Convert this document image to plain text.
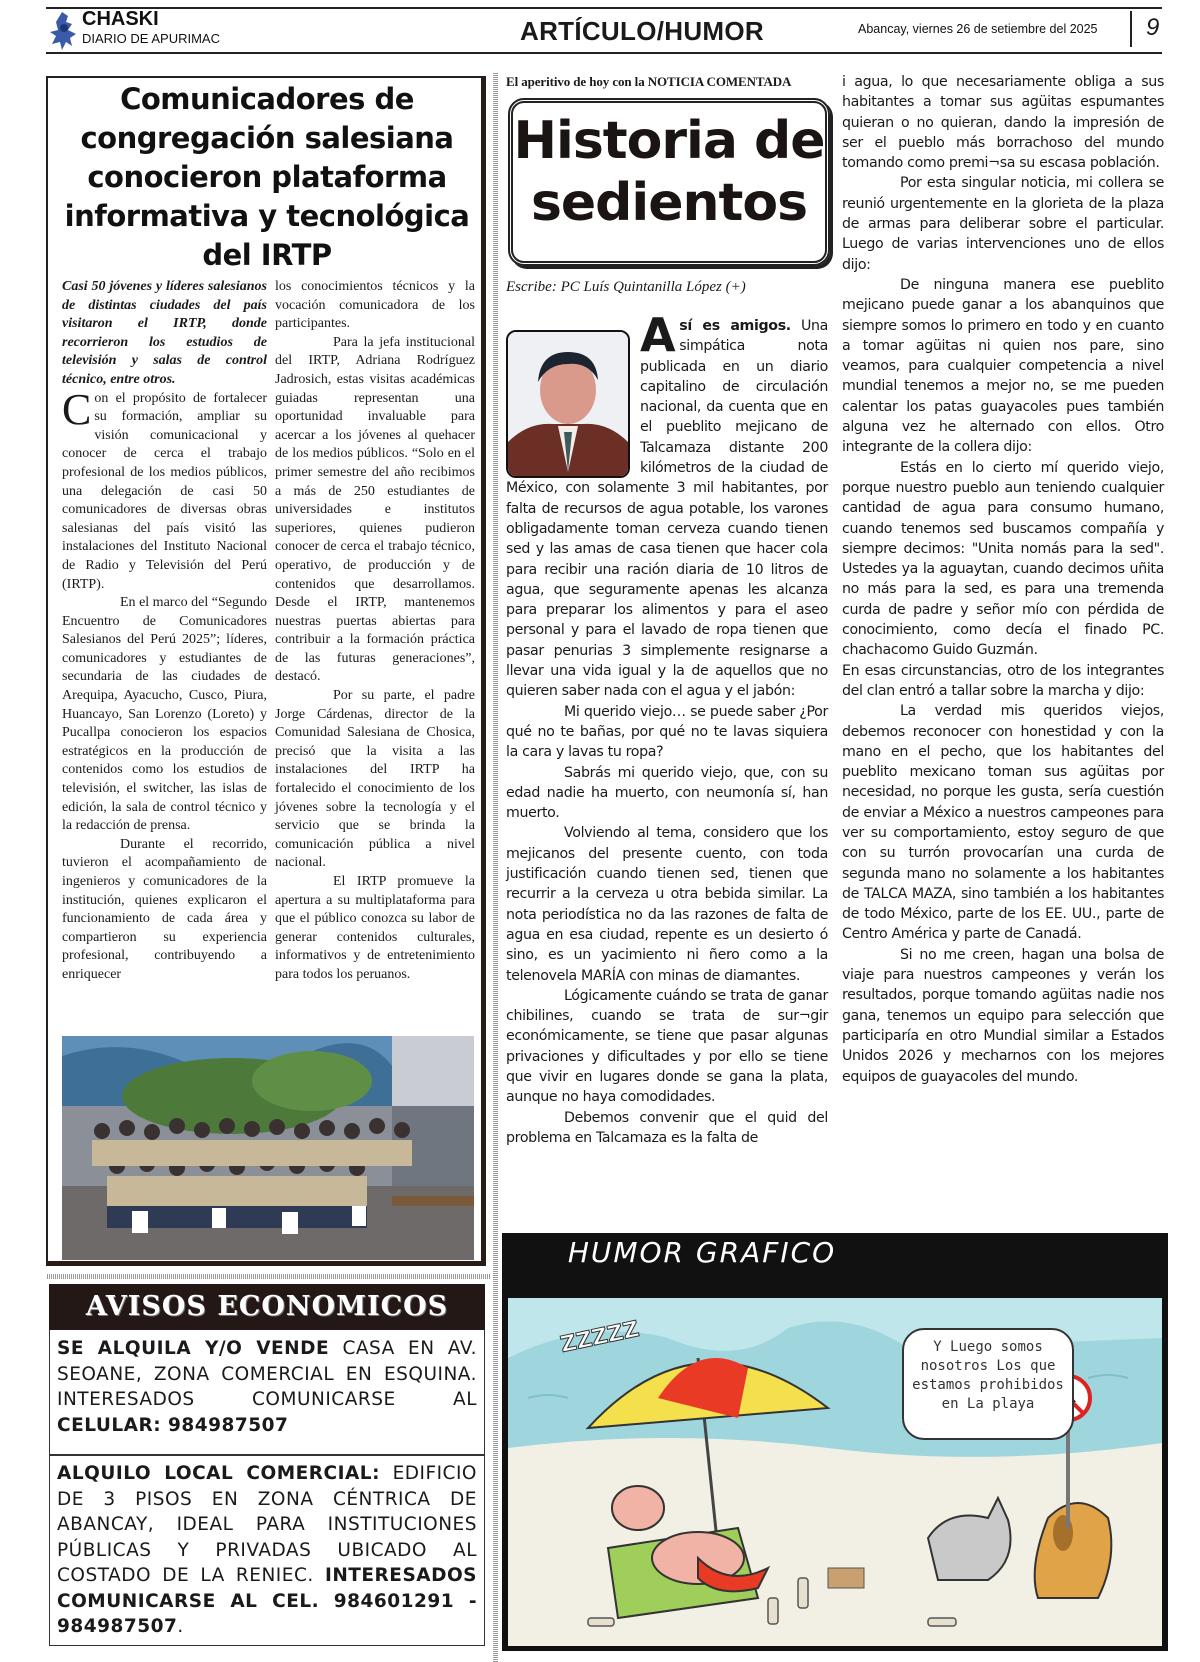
CHASKI
DIARIO DE APURIMAC	ARTÍCULO/HUMOR	Abancay, viernes 26 de setiembre del 2025 9
Comunicadores de congregación salesiana conocieron plataforma informativa y tecnológica del IRTP

Casi 50 jóvenes y líderes salesianos de distintas ciudades del país visitaron el IRTP, donde recorrieron los estudios de televisión y salas de control técnico, entre otros.

Con el propósito de fortalecer su formación, ampliar su visión comunicacional y conocer de cerca el trabajo profesional de los medios públicos, una delegación de casi 50 comunicadores de diversas obras salesianas del país visitó las instalaciones del Instituto Nacional de Radio y Televisión del Perú (IRTP).

En el marco del “Segundo Encuentro de Comunicadores Salesianos del Perú 2025”; líderes, comunicadores y estudiantes de secundaria de las ciudades de Arequipa, Ayacucho, Cusco, Piura, Huancayo, San Lorenzo (Loreto) y Pucallpa conocieron los espacios estratégicos en la producción de contenidos como los estudios de televisión, el switcher, las islas de edición, la sala de control técnico y la redacción de prensa.

Durante el recorrido, tuvieron el acompañamiento de ingenieros y comunicadores de la institución, quienes explicaron el funcionamiento de cada área y compartieron su experiencia profesional, contribuyendo a enriquecer

los conocimientos técnicos y la vocación comunicadora de los participantes.

Para la jefa institucional del IRTP, Adriana Rodríguez Jadrosich, estas visitas académicas guiadas representan una oportunidad invaluable para acercar a los jóvenes al quehacer de los medios públicos. “Solo en el primer semestre del año recibimos a más de 250 estudiantes de universidades e institutos superiores, quienes pudieron conocer de cerca el trabajo técnico, operativo, de producción y de contenidos que desarrollamos. Desde el IRTP, mantenemos nuestras puertas abiertas para contribuir a la formación práctica de las futuras generaciones”, destacó.

Por su parte, el padre Jorge Cárdenas, director de la Comunidad Salesiana de Chosica, precisó que la visita a las instalaciones del IRTP ha fortalecido el conocimiento de los jóvenes sobre la tecnología y el servicio que se brinda la comunicación pública a nivel nacional.

El IRTP promueve la apertura a su multiplataforma para que el público conozca su labor de generar contenidos culturales, informativos y de entretenimiento para todos los peruanos.

El aperitivo de hoy con la NOTICIA COMENTADA
Historia de sedientos
Escribe: PC Luís Quintanilla López (+)

Así es amigos. Una simpática nota publicada en un diario capitalino de circulación nacional, da cuenta que en el pueblito mejicano de Talcamaza distante 200 kilómetros de la ciudad de México, con solamente 3 mil habitantes, por falta de recursos de agua potable, los varones obligadamente toman cerveza cuando tienen sed y las amas de casa tienen que hacer cola para recibir una ración diaria de 10 litros de agua, que seguramente apenas les alcanza para preparar los alimentos y para el aseo personal y para el lavado de ropa tienen que pasar penurias 3 simplemente resignarse a llevar una vida igual y la de aquellos que no quieren saber nada con el agua y el jabón:

Mi querido viejo… se puede saber ¿Por qué no te bañas, por qué no te lavas siquiera la cara y lavas tu ropa?

Sabrás mi querido viejo, que, con su edad nadie ha muerto, con neumonía sí, han muerto.

Volviendo al tema, considero que los mejicanos del presente cuento, con toda justificación cuando tienen sed, tienen que recurrir a la cerveza u otra bebida similar. La nota periodística no da las razones de falta de agua en esa ciudad, repente es un desierto ó sino, es un yacimiento ni ñero como a la telenovela MARÍA con minas de diamantes.

Lógicamente cuándo se trata de ganar chibilines, cuando se trata de sur¬gir económicamente, se tiene que pasar algunas privaciones y dificultades y por ello se tiene que vivir en lugares donde se gana la plata, aunque no haya comodidades.

Debemos convenir que el quid del problema en Talcamaza es la falta de

i agua, lo que necesariamente obliga a sus habitantes a tomar sus agüitas espumantes quieran o no quieran, dando la impresión de ser el pueblo más borrachoso del mundo tomando como premi¬sa su escasa población.

Por esta singular noticia, mi collera se reunió urgentemente en la glorieta de la plaza de armas para deliberar sobre el particular. Luego de varias intervenciones uno de ellos dijo:

De ninguna manera ese pueblito mejicano puede ganar a los abanquinos que siempre somos lo primero en todo y en cuanto a tomar agüitas ni quien nos pare, sino veamos, para cualquier competencia a nivel mundial tenemos a mejor no, se me pueden calentar los patas guayacoles pues también alguna vez he alternado con ellos. Otro integrante de la collera dijo:

Estás en lo cierto mí querido viejo, porque nuestro pueblo aun teniendo cualquier cantidad de agua para consumo humano, cuando tenemos sed buscamos compañía y siempre decimos: "Unita nomás para la sed". Ustedes ya la aguaytan, cuando decimos uñita no más para la sed, es para una tremenda curda de padre y señor mío con pérdida de conocimiento, como decía el finado PC. chachacomo Guido Guzmán.

En esas circunstancias, otro de los integrantes del clan entró a tallar sobre la marcha y dijo:

La verdad mis queridos viejos, debemos reconocer con honestidad y con la mano en el pecho, que los habitantes del pueblito mexicano toman sus agüitas por necesidad, no porque les gusta, sería cuestión de enviar a México a nuestros campeones para ver su comportamiento, estoy seguro de que con su turrón provocarían una curda de segunda mano no solamente a los habitantes de TALCA MAZA, sino también a los habitantes de todo México, parte de los EE. UU., parte de Centro América y parte de Canadá.

Si no me creen, hagan una bolsa de viaje para nuestros campeones y verán los resultados, porque tomando agüitas nadie nos gana, tenemos un equipo para selección que participaría en otro Mundial similar a Estados Unidos 2026 y mecharnos con los mejores equipos de guayacoles del mundo.

AVISOS ECONOMICOS
SE ALQUILA Y/O VENDE CASA EN AV. SEOANE, ZONA COMERCIAL EN ESQUINA. INTERESADOS COMUNICARSE AL CELULAR: 984987507
ALQUILO LOCAL COMERCIAL: EDIFICIO DE 3 PISOS EN ZONA CÉNTRICA DE ABANCAY, IDEAL PARA INSTITUCIONES PÚBLICAS Y PRIVADAS UBICADO AL COSTADO DE LA RENIEC. INTERESADOS COMUNICARSE AL CEL. 984601291 - 984987507.
HUMOR GRAFICO
Y Luego somos nosotros Los que estamos prohibidos en La playa
ZZZZZ
